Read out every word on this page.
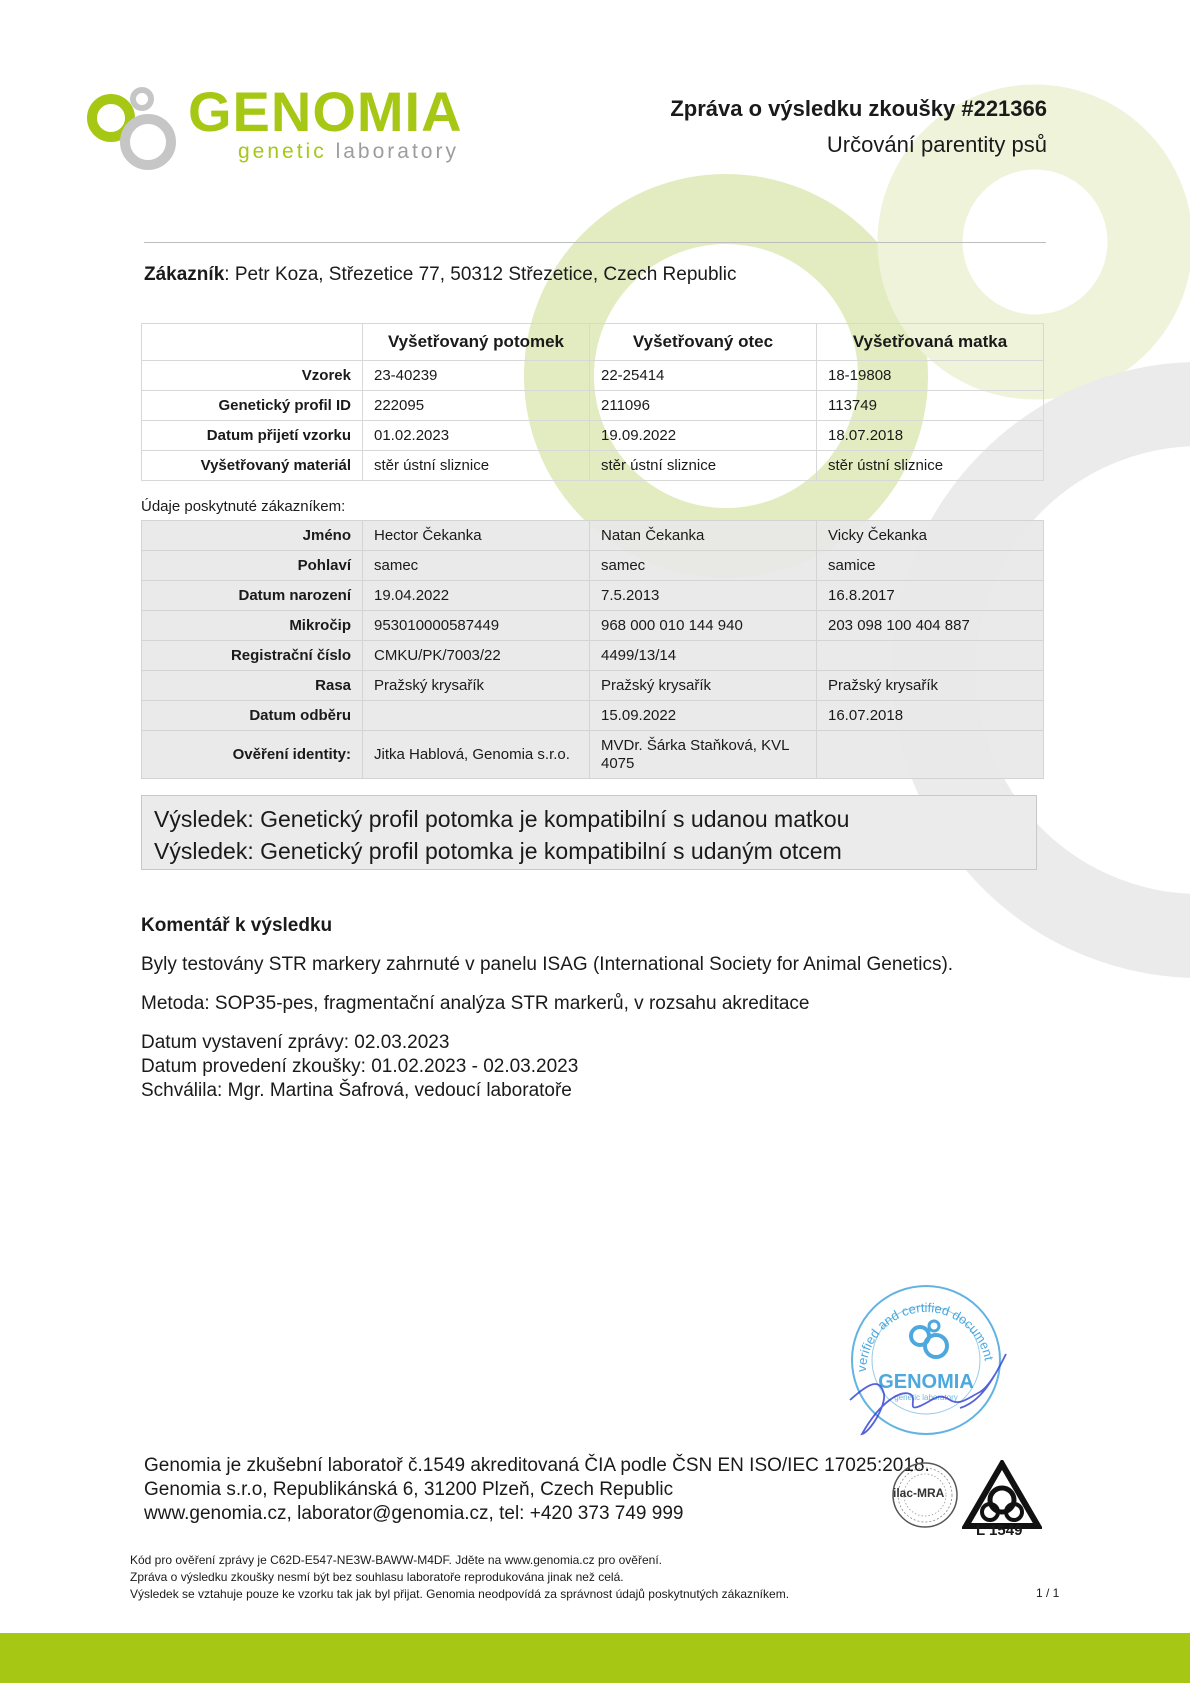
GENOMIA
genetic laboratory
Zpráva o výsledku zkoušky #221366
Určování parentity psů
Zákazník: Petr Koza, Střezetice 77, 50312 Střezetice, Czech Republic
	Vyšetřovaný potomek	Vyšetřovaný otec	Vyšetřovaná matka
Vzorek	23-40239	22-25414	18-19808
Genetický profil ID	222095	211096	113749
Datum přijetí vzorku	01.02.2023	19.09.2022	18.07.2018
Vyšetřovaný materiál	stěr ústní sliznice	stěr ústní sliznice	stěr ústní sliznice
Údaje poskytnuté zákazníkem:
Jméno	Hector Čekanka	Natan Čekanka	Vicky Čekanka
Pohlaví	samec	samec	samice
Datum narození	19.04.2022	7.5.2013	16.8.2017
Mikročip	953010000587449	968 000 010 144 940	203 098 100 404 887
Registrační číslo	CMKU/PK/7003/22	4499/13/14	
Rasa	Pražský krysařík	Pražský krysařík	Pražský krysařík
Datum odběru		15.09.2022	16.07.2018
Ověření identity:	Jitka Hablová, Genomia s.r.o.	MVDr. Šárka Staňková, KVL 4075	
Výsledek: Genetický profil potomka je kompatibilní s udanou matkou
Výsledek: Genetický profil potomka je kompatibilní s udaným otcem
Komentář k výsledku
Byly testovány STR markery zahrnuté v panelu ISAG (International Society for Animal Genetics).
Metoda: SOP35-pes, fragmentační analýza STR markerů, v rozsahu akreditace
Datum vystavení zprávy: 02.03.2023
Datum provedení zkoušky: 01.02.2023 - 02.03.2023
Schválila: Mgr. Martina Šafrová, vedoucí laboratoře
verified and certified document
GENOMIA
genetic laboratory
Genomia je zkušební laboratoř č.1549 akreditovaná ČIA podle ČSN EN ISO/IEC 17025:2018.
Genomia s.r.o, Republikánská 6, 31200 Plzeň, Czech Republic
www.genomia.cz, laborator@genomia.cz, tel: +420 373 749 999
ilac-MRA
L 1549
Kód pro ověření zprávy je C62D-E547-NE3W-BAWW-M4DF. Jděte na www.genomia.cz pro ověření.
Zpráva o výsledku zkoušky nesmí být bez souhlasu laboratoře reprodukována jinak než celá.
Výsledek se vztahuje pouze ke vzorku tak jak byl přijat. Genomia neodpovídá za správnost údajů poskytnutých zákazníkem.	1 / 1
